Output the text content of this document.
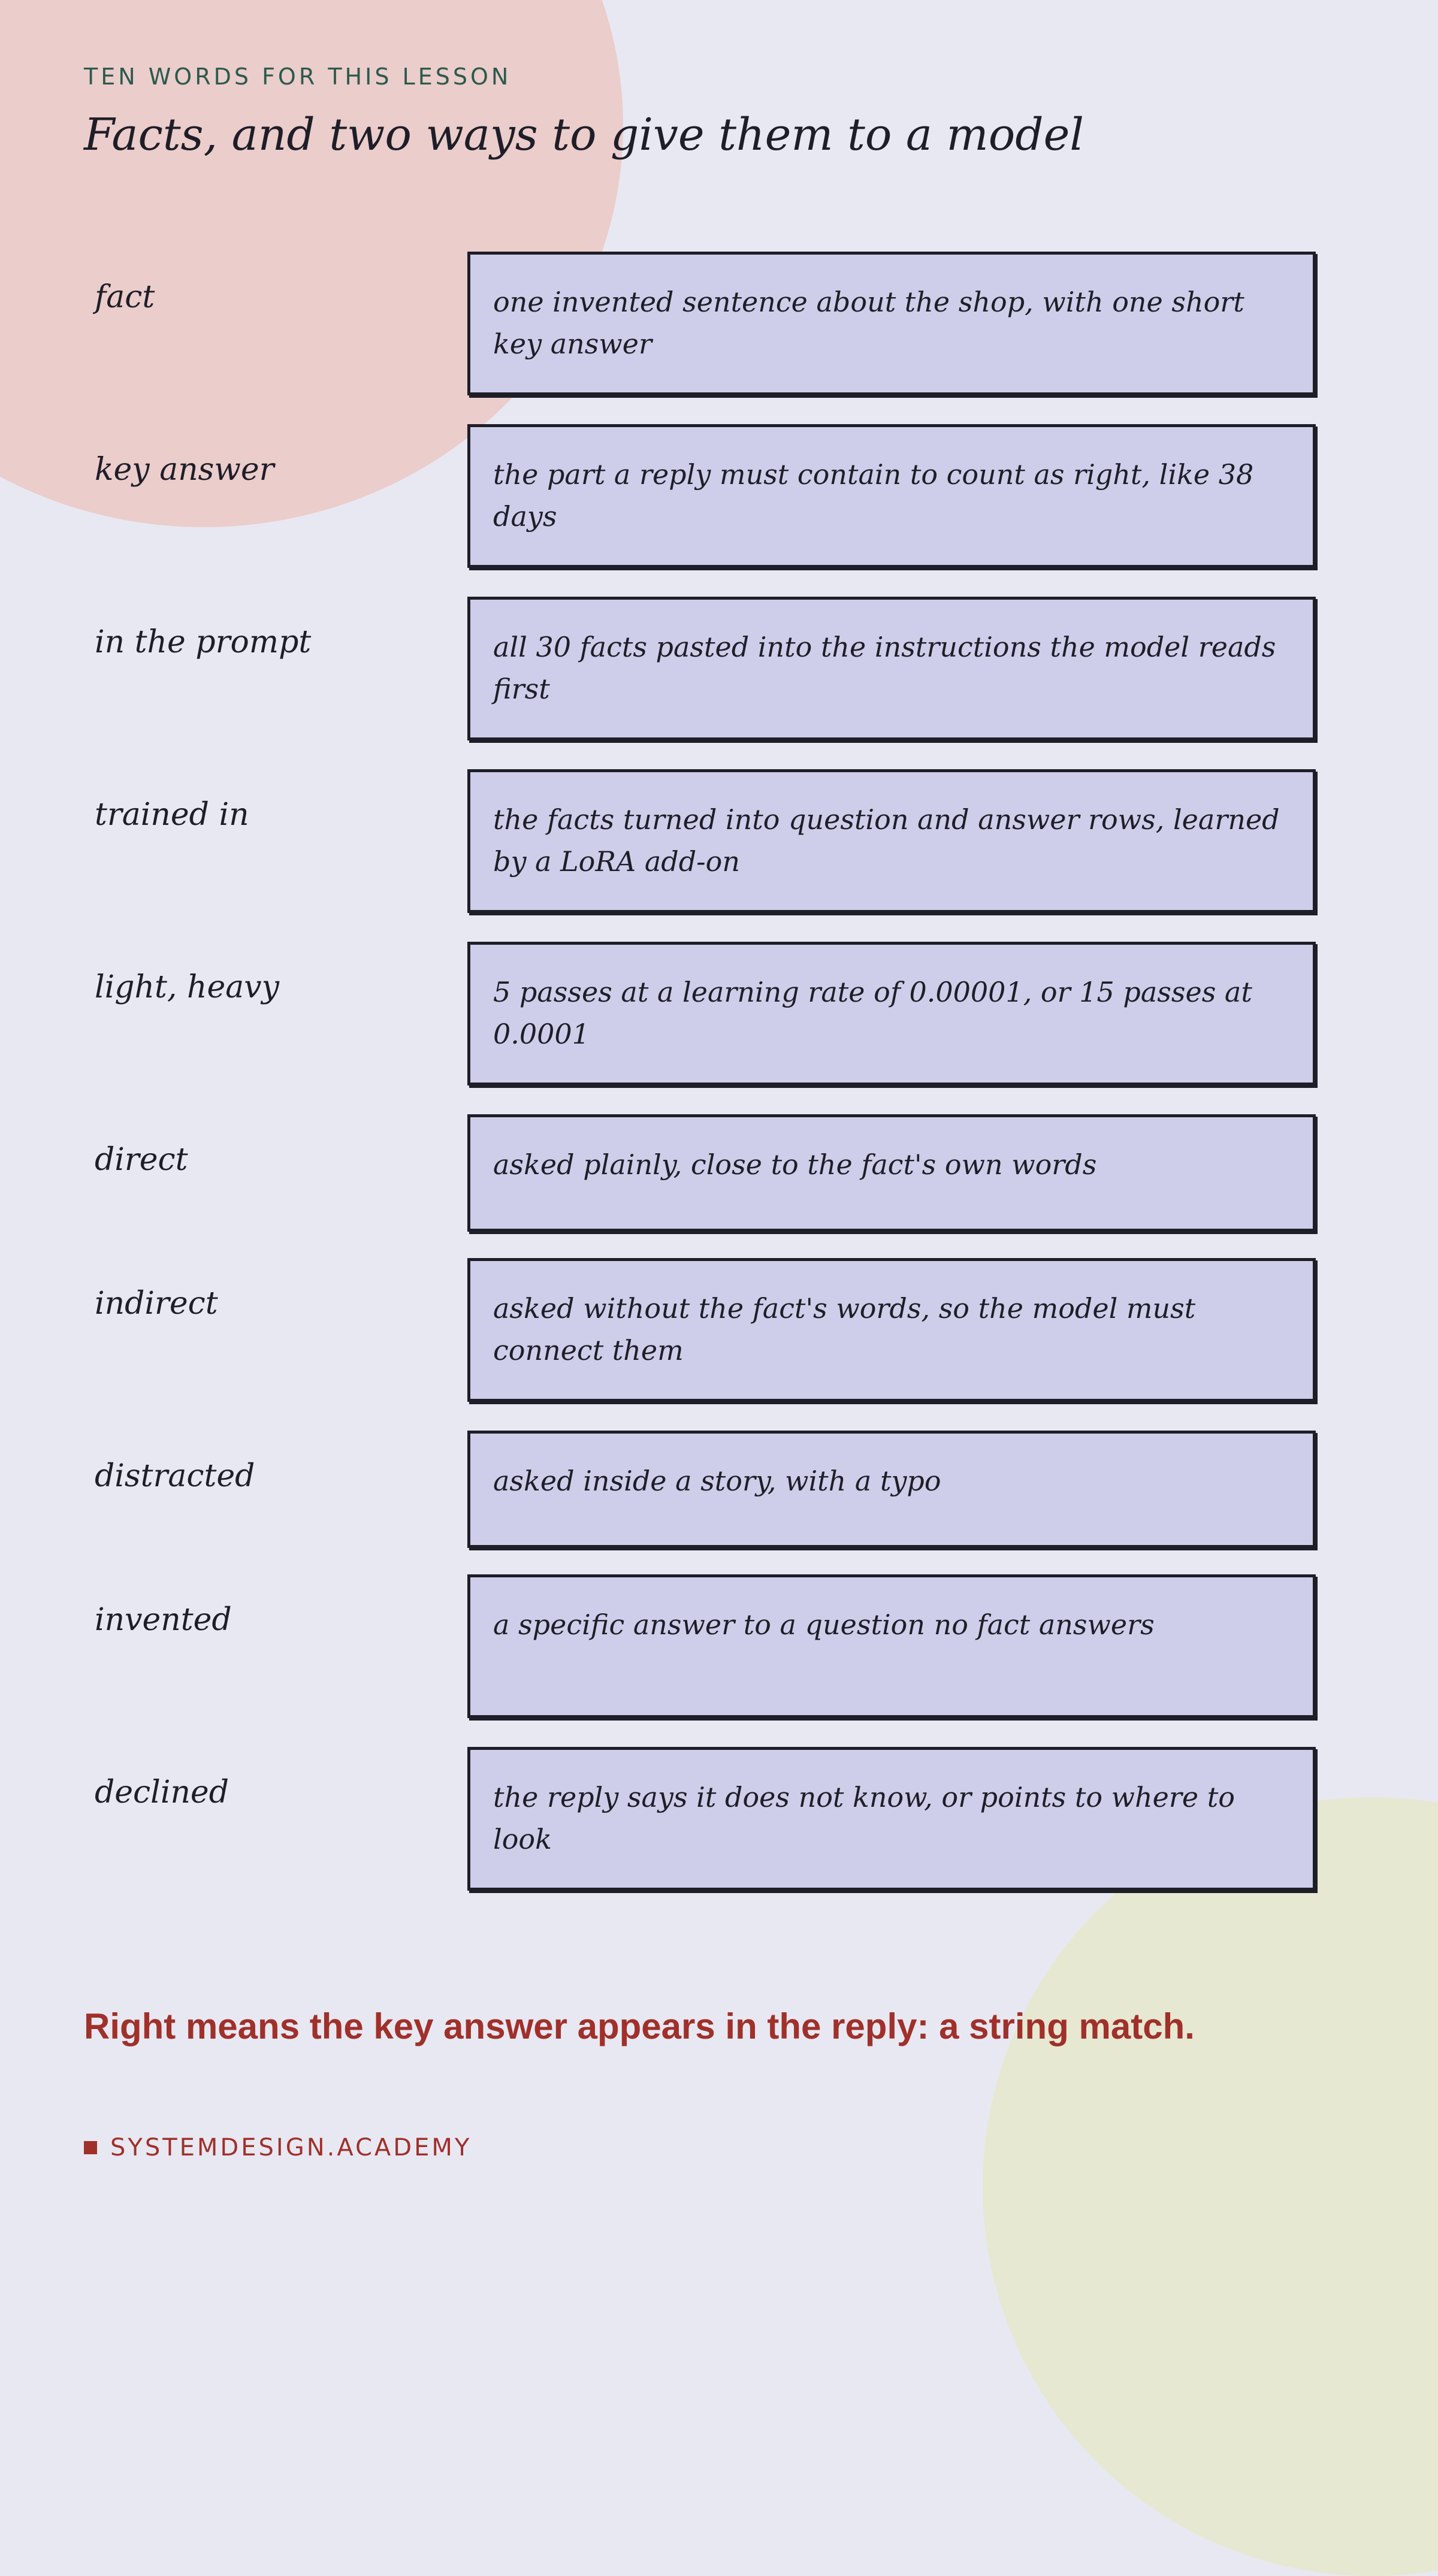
TEN WORDS FOR THIS LESSON
Facts, and two ways to give them to a model
fact	one invented sentence about the shop, with one short key answer
key answer	the part a reply must contain to count as right, like 38 days
in the prompt	all 30 facts pasted into the instructions the model reads first
trained in	the facts turned into question and answer rows, learned by a LoRA add-on
light, heavy	5 passes at a learning rate of 0.00001, or 15 passes at 0.0001
direct	asked plainly, close to the fact's own words
indirect	asked without the fact's words, so the model must connect them
distracted	asked inside a story, with a typo
invented	a specific answer to a question no fact answers
declined	the reply says it does not know, or points to where to look
Right means the key answer appears in the reply: a string match.
SYSTEMDESIGN.ACADEMY
